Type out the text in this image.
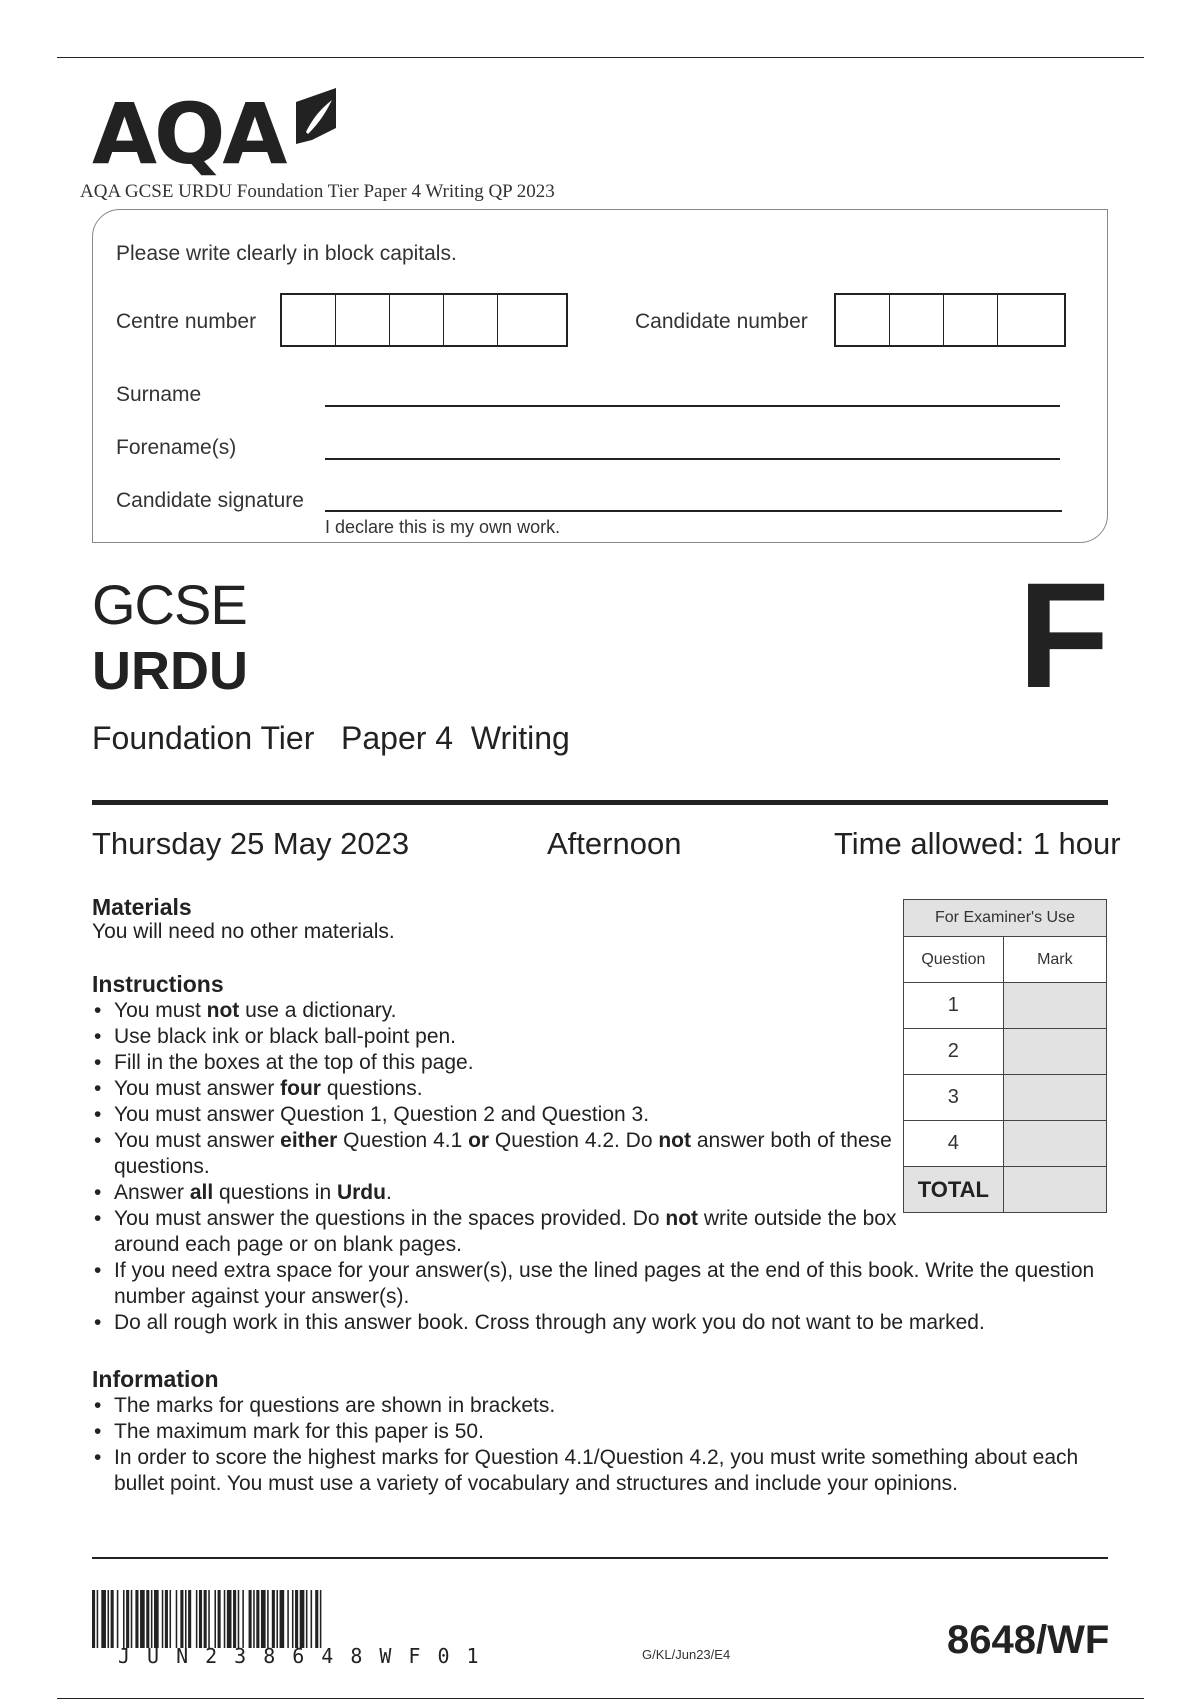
AQA
AQA GCSE URDU Foundation Tier Paper 4 Writing QP 2023
Please write clearly in block capitals.
Centre number	Candidate number
Surname
Forename(s)
Candidate signature
I declare this is my own work.
GCSE
URDU
Foundation Tier Paper 4  Writing
F
Thursday 25 May 2023	Afternoon	Time allowed: 1 hour
Materials
You will need no other materials.
For Examiner's Use	
Question	Mark
1	
2	
3	
4	
TOTAL	
Instructions
• You must not use a dictionary.
• Use black ink or black ball-point pen.
• Fill in the boxes at the top of this page.
• You must answer four questions.
• You must answer Question 1, Question 2 and Question 3.
• You must answer either Question 4.1 or Question 4.2. Do not answer both of these questions.
• Answer all questions in Urdu.
• You must answer the questions in the spaces provided. Do not write outside the box around each page or on blank pages.
• If you need extra space for your answer(s), use the lined pages at the end of this book. Write the question number against your answer(s).
• Do all rough work in this answer book. Cross through any work you do not want to be marked.
Information
• The marks for questions are shown in brackets.
• The maximum mark for this paper is 50.
• In order to score the highest marks for Question 4.1/Question 4.2, you must write something about each bullet point. You must use a variety of vocabulary and structures and include your opinions.
JUN238648WF01	G/KL/Jun23/E4	8648/WF
